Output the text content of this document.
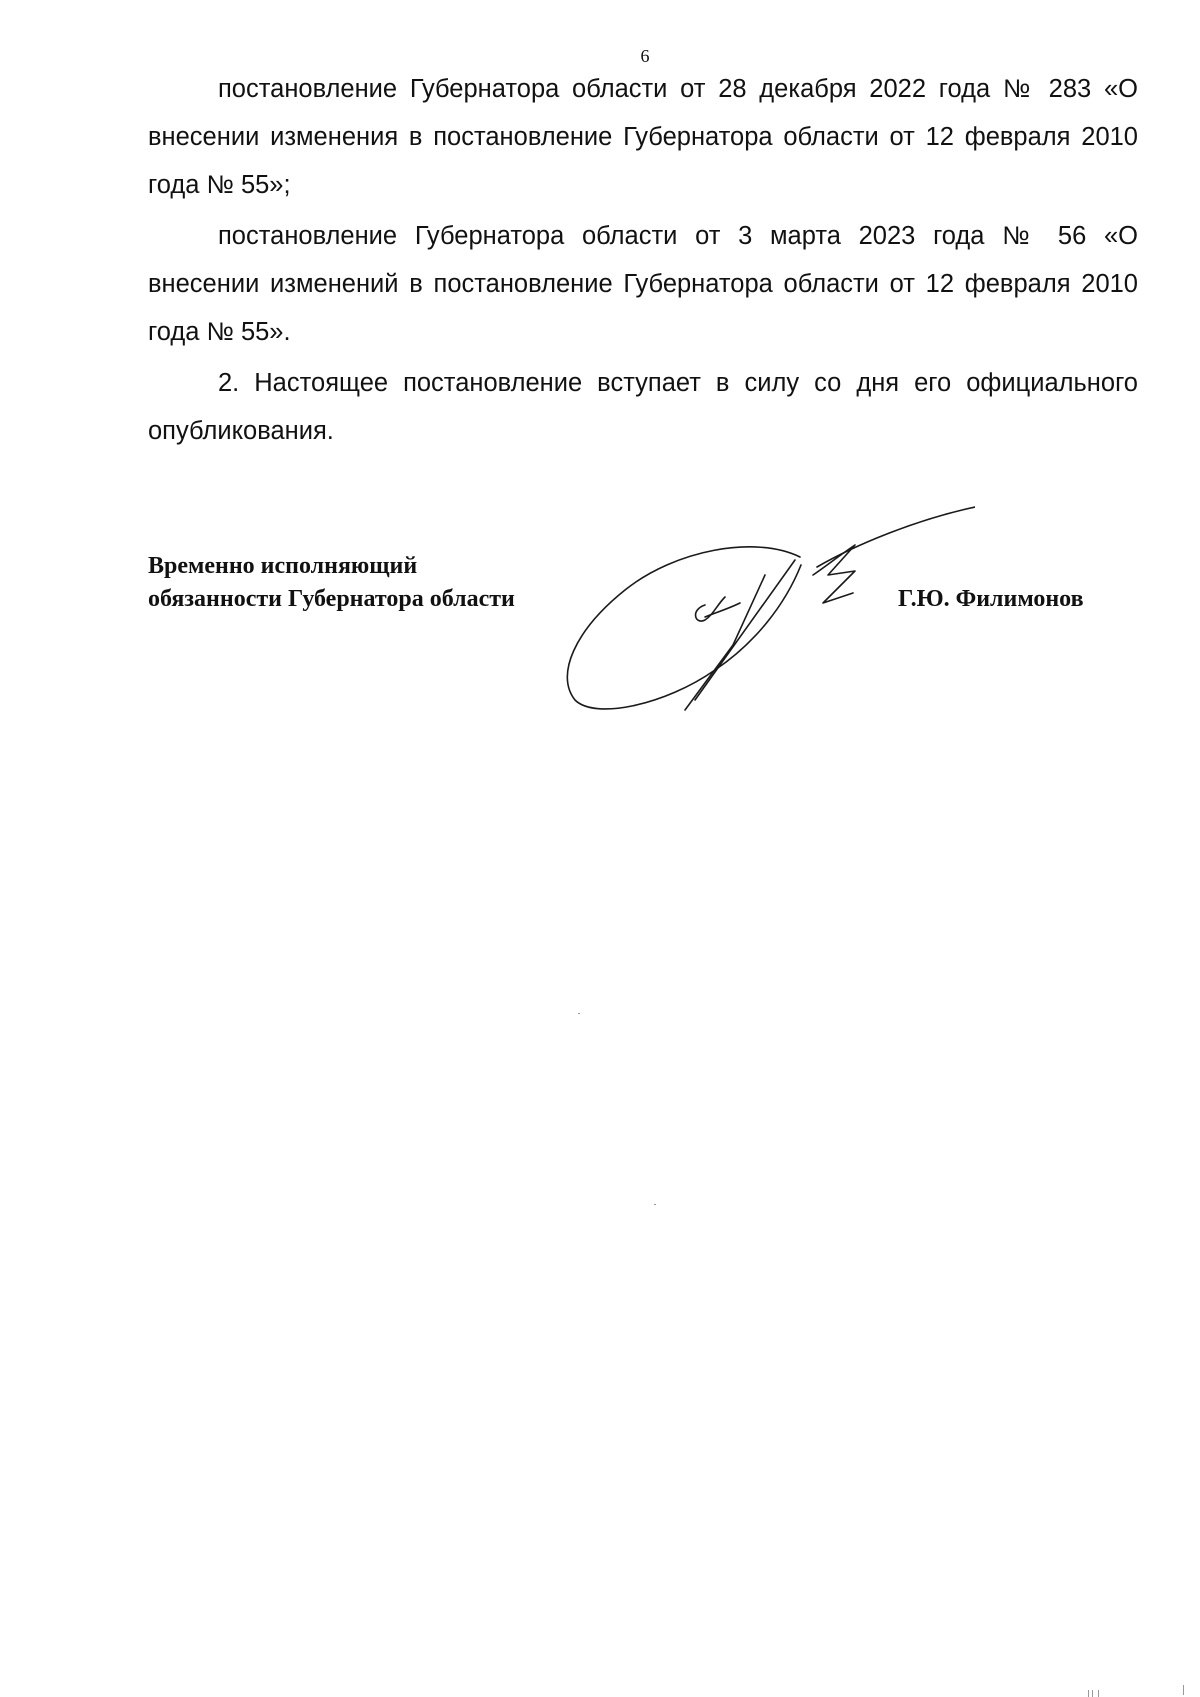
6

постановление Губернатора области от 28 декабря 2022 года № 283 «О внесении изменения в постановление Губернатора области от 12 февраля 2010 года № 55»;

постановление Губернатора области от 3 марта 2023 года № 56 «О внесении изменений в постановление Губернатора области от 12 февраля 2010 года № 55».

2. Настоящее постановление вступает в силу со дня его официального опубликования.

Временно исполняющий
обязанности Губернатора области	Г.Ю. Филимонов
